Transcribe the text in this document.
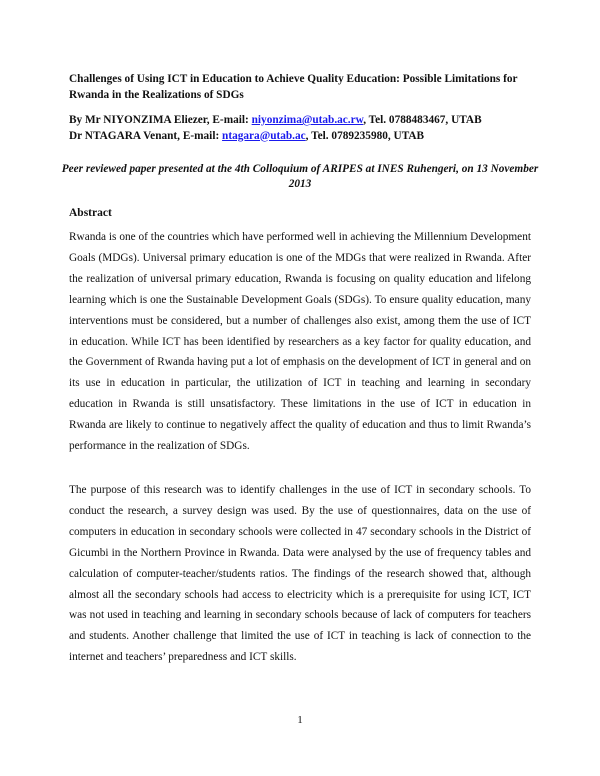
Challenges of Using ICT in Education to Achieve Quality Education: Possible Limitations for Rwanda in the Realizations of SDGs
By Mr NIYONZIMA Eliezer, E-mail: niyonzima@utab.ac.rw, Tel. 0788483467, UTAB
Dr NTAGARA Venant, E-mail: ntagara@utab.ac, Tel. 0789235980, UTAB
Peer reviewed paper presented at the 4th Colloquium of ARIPES at INES Ruhengeri, on 13 November 2013
Abstract
Rwanda is one of the countries which have performed well in achieving the Millennium Development Goals (MDGs). Universal primary education is one of the MDGs that were realized in Rwanda. After the realization of universal primary education, Rwanda is focusing on quality education and lifelong learning which is one the Sustainable Development Goals (SDGs). To ensure quality education, many interventions must be considered, but a number of challenges also exist, among them the use of ICT in education. While ICT has been identified by researchers as a key factor for quality education, and the Government of Rwanda having put a lot of emphasis on the development of ICT in general and on its use in education in particular, the utilization of ICT in teaching and learning in secondary education in Rwanda is still unsatisfactory. These limitations in the use of ICT in education in Rwanda are likely to continue to negatively affect the quality of education and thus to limit Rwanda’s performance in the realization of SDGs.
The purpose of this research was to identify challenges in the use of ICT in secondary schools. To conduct the research, a survey design was used. By the use of questionnaires, data on the use of computers in education in secondary schools were collected in 47 secondary schools in the District of Gicumbi in the Northern Province in Rwanda. Data were analysed by the use of frequency tables and calculation of computer-teacher/students ratios. The findings of the research showed that, although almost all the secondary schools had access to electricity which is a prerequisite for using ICT, ICT was not used in teaching and learning in secondary schools because of lack of computers for teachers and students. Another challenge that limited the use of ICT in teaching is lack of connection to the internet and teachers’ preparedness and ICT skills.
1
